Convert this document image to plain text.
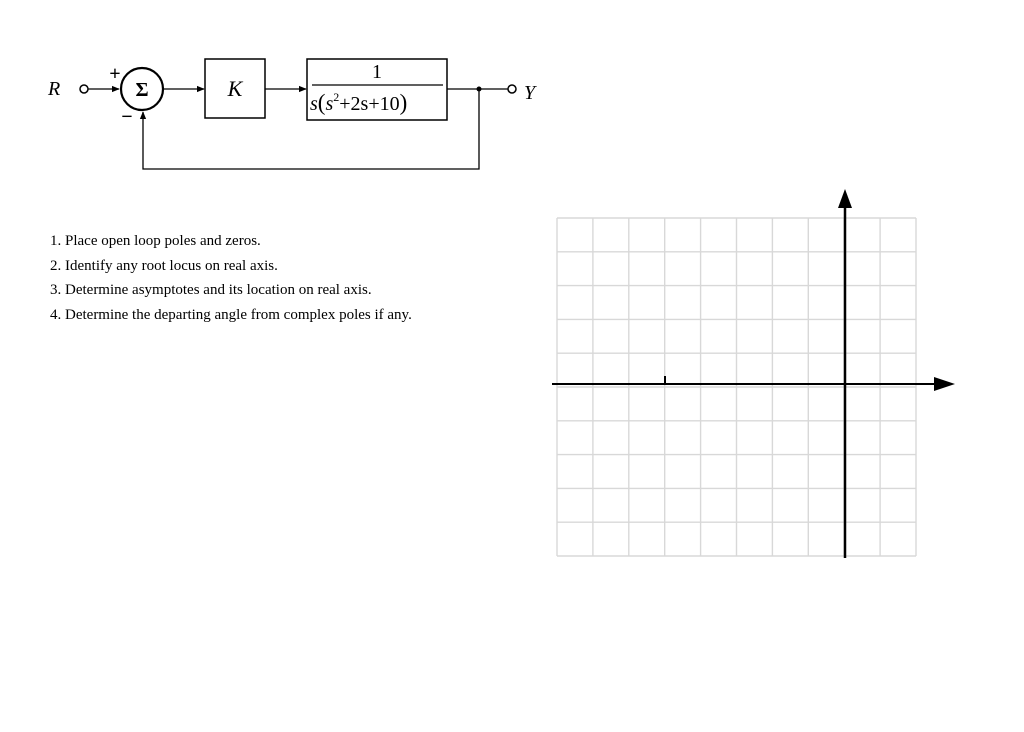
R	Σ
+
−
K
1
$s(s^2+2s+10)$	Y
1. Place open loop poles and zeros.
2. Identify any root locus on real axis.
3. Determine asymptotes and its location on real axis.
4. Determine the departing angle from complex poles if any.
